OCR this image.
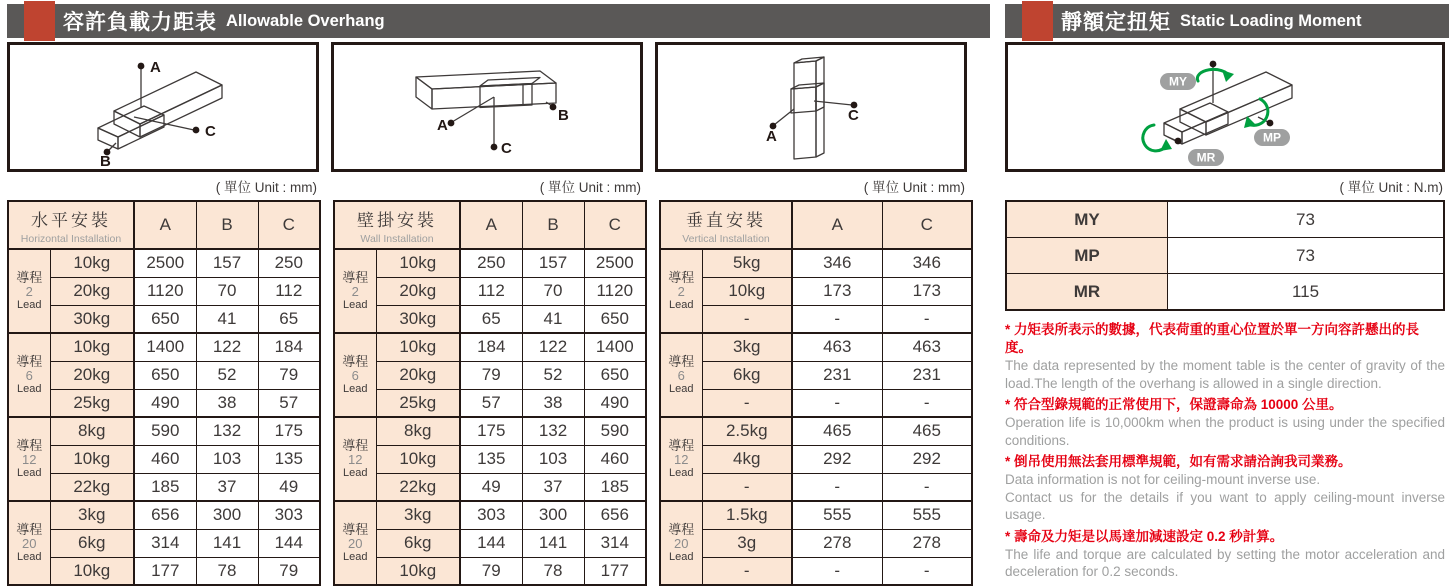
容許負載力距表 Allowable Overhang
A
B
C	A
B
C
A
C
( 單位 Unit : mm)	( 單位 Unit : mm)	( 單位 Unit : mm)
水平安裝
Horizontal Installation		A	B	C

導程
2
Lead	10kg	2500	157	250
	20kg	1120	70	112
	30kg	650	41	65

導程
6
Lead	10kg	1400	122	184
	20kg	650	52	79
	25kg	490	38	57

導程
12
Lead	8kg	590	132	175
	10kg	460	103	135
	22kg	185	37	49

導程
20
Lead	3kg	656	300	303
	6kg	314	141	144
	10kg	177	78	79
壁掛安裝
Wall Installation		A	B	C

導程
2
Lead	10kg	250	157	2500
	20kg	112	70	1120
	30kg	65	41	650

導程
6
Lead	10kg	184	122	1400
	20kg	79	52	650
	25kg	57	38	490

導程
12
Lead	8kg	175	132	590
	10kg	135	103	460
	22kg	49	37	185

導程
20
Lead	3kg	303	300	656
	6kg	144	141	314
	10kg	79	78	177
垂直安裝
Vertical Installation		A	C

導程
2
Lead	5kg	346	346
	10kg	173	173
	-	-	-

導程
6
Lead	3kg	463	463
	6kg	231	231
	-	-	-

導程
12
Lead	2.5kg	465	465
	4kg	292	292
	-	-	-

導程
20
Lead	1.5kg	555	555
	3g	278	278
	-	-	-
靜額定扭矩 Static Loading Moment
MY
MP
MR
( 單位 Unit : N.m)
MY	73
MP	73
MR	115

* 力矩表所表示的數據，代表荷重的重心位置於單一方向容許懸出的長度。

The data represented by the moment table is the center of gravity of the load.The length of the overhang is allowed in a single direction.

* 符合型錄規範的正常使用下，保證壽命為 10000 公里。

Operation life is 10,000km when the product is using under the specified conditions.

* 倒吊使用無法套用標準規範，如有需求請洽詢我司業務。

Data information is not for ceiling-mount inverse use.

Contact us for the details if you want to apply ceiling-mount inverse usage.

* 壽命及力矩是以馬達加減速設定 0.2 秒計算。

The life and torque are calculated by setting the motor acceleration and deceleration for 0.2 seconds.
